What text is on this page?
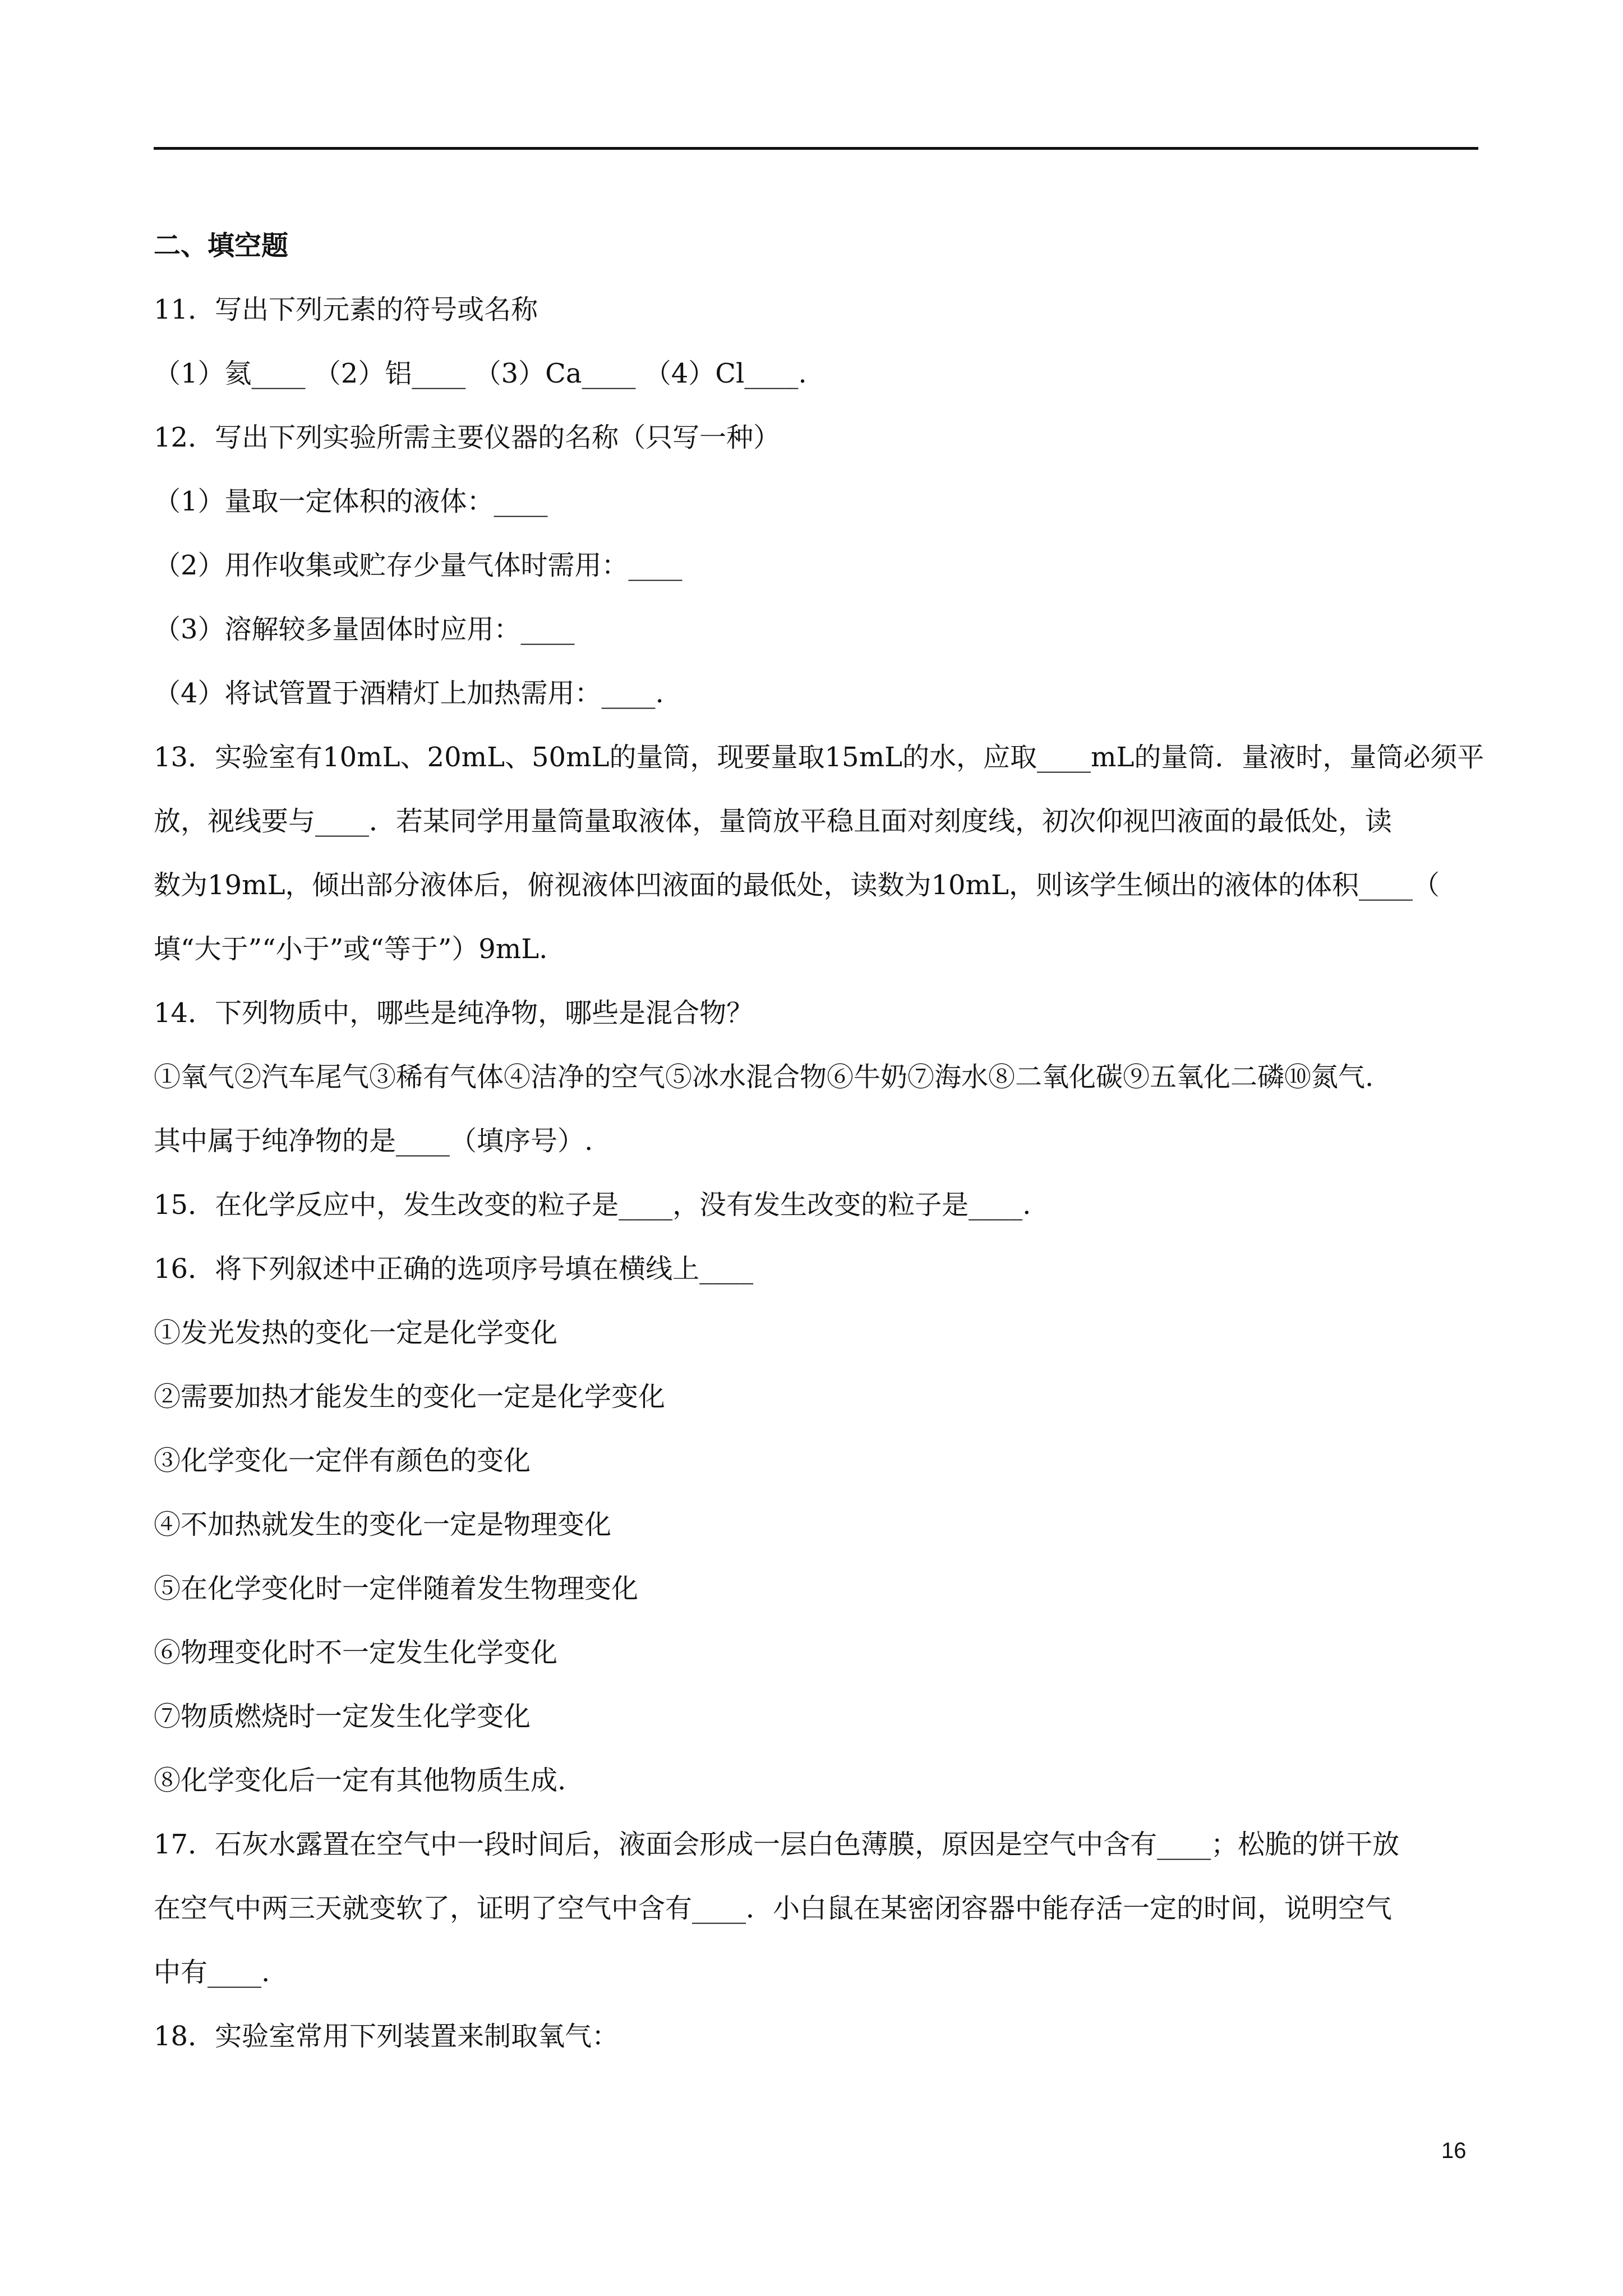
二、填空题
11．写出下列元素的符号或名称
（1）氦____ （2）铝____ （3）Ca____ （4）Cl____.
12．写出下列实验所需主要仪器的名称（只写一种）
（1）量取一定体积的液体：____
（2）用作收集或贮存少量气体时需用：____
（3）溶解较多量固体时应用：____
（4）将试管置于酒精灯上加热需用：____.
13．实验室有10mL、20mL、50mL的量筒，现要量取15mL的水，应取____mL的量筒．量液时，量筒必须平
放，视线要与____．若某同学用量筒量取液体，量筒放平稳且面对刻度线，初次仰视凹液面的最低处，读
数为19mL，倾出部分液体后，俯视液体凹液面的最低处，读数为10mL，则该学生倾出的液体的体积____（
填“大于”“小于”或“等于”）9mL.
14．下列物质中，哪些是纯净物，哪些是混合物？
①氧气②汽车尾气③稀有气体④洁净的空气⑤冰水混合物⑥牛奶⑦海水⑧二氧化碳⑨五氧化二磷⑩氮气.
其中属于纯净物的是____（填序号）.
15．在化学反应中，发生改变的粒子是____，没有发生改变的粒子是____.
16．将下列叙述中正确的选项序号填在横线上____
①发光发热的变化一定是化学变化
②需要加热才能发生的变化一定是化学变化
③化学变化一定伴有颜色的变化
④不加热就发生的变化一定是物理变化
⑤在化学变化时一定伴随着发生物理变化
⑥物理变化时不一定发生化学变化
⑦物质燃烧时一定发生化学变化
⑧化学变化后一定有其他物质生成.
17．石灰水露置在空气中一段时间后，液面会形成一层白色薄膜，原因是空气中含有____；松脆的饼干放
在空气中两三天就变软了，证明了空气中含有____．小白鼠在某密闭容器中能存活一定的时间，说明空气
中有____.
18．实验室常用下列装置来制取氧气：
16
